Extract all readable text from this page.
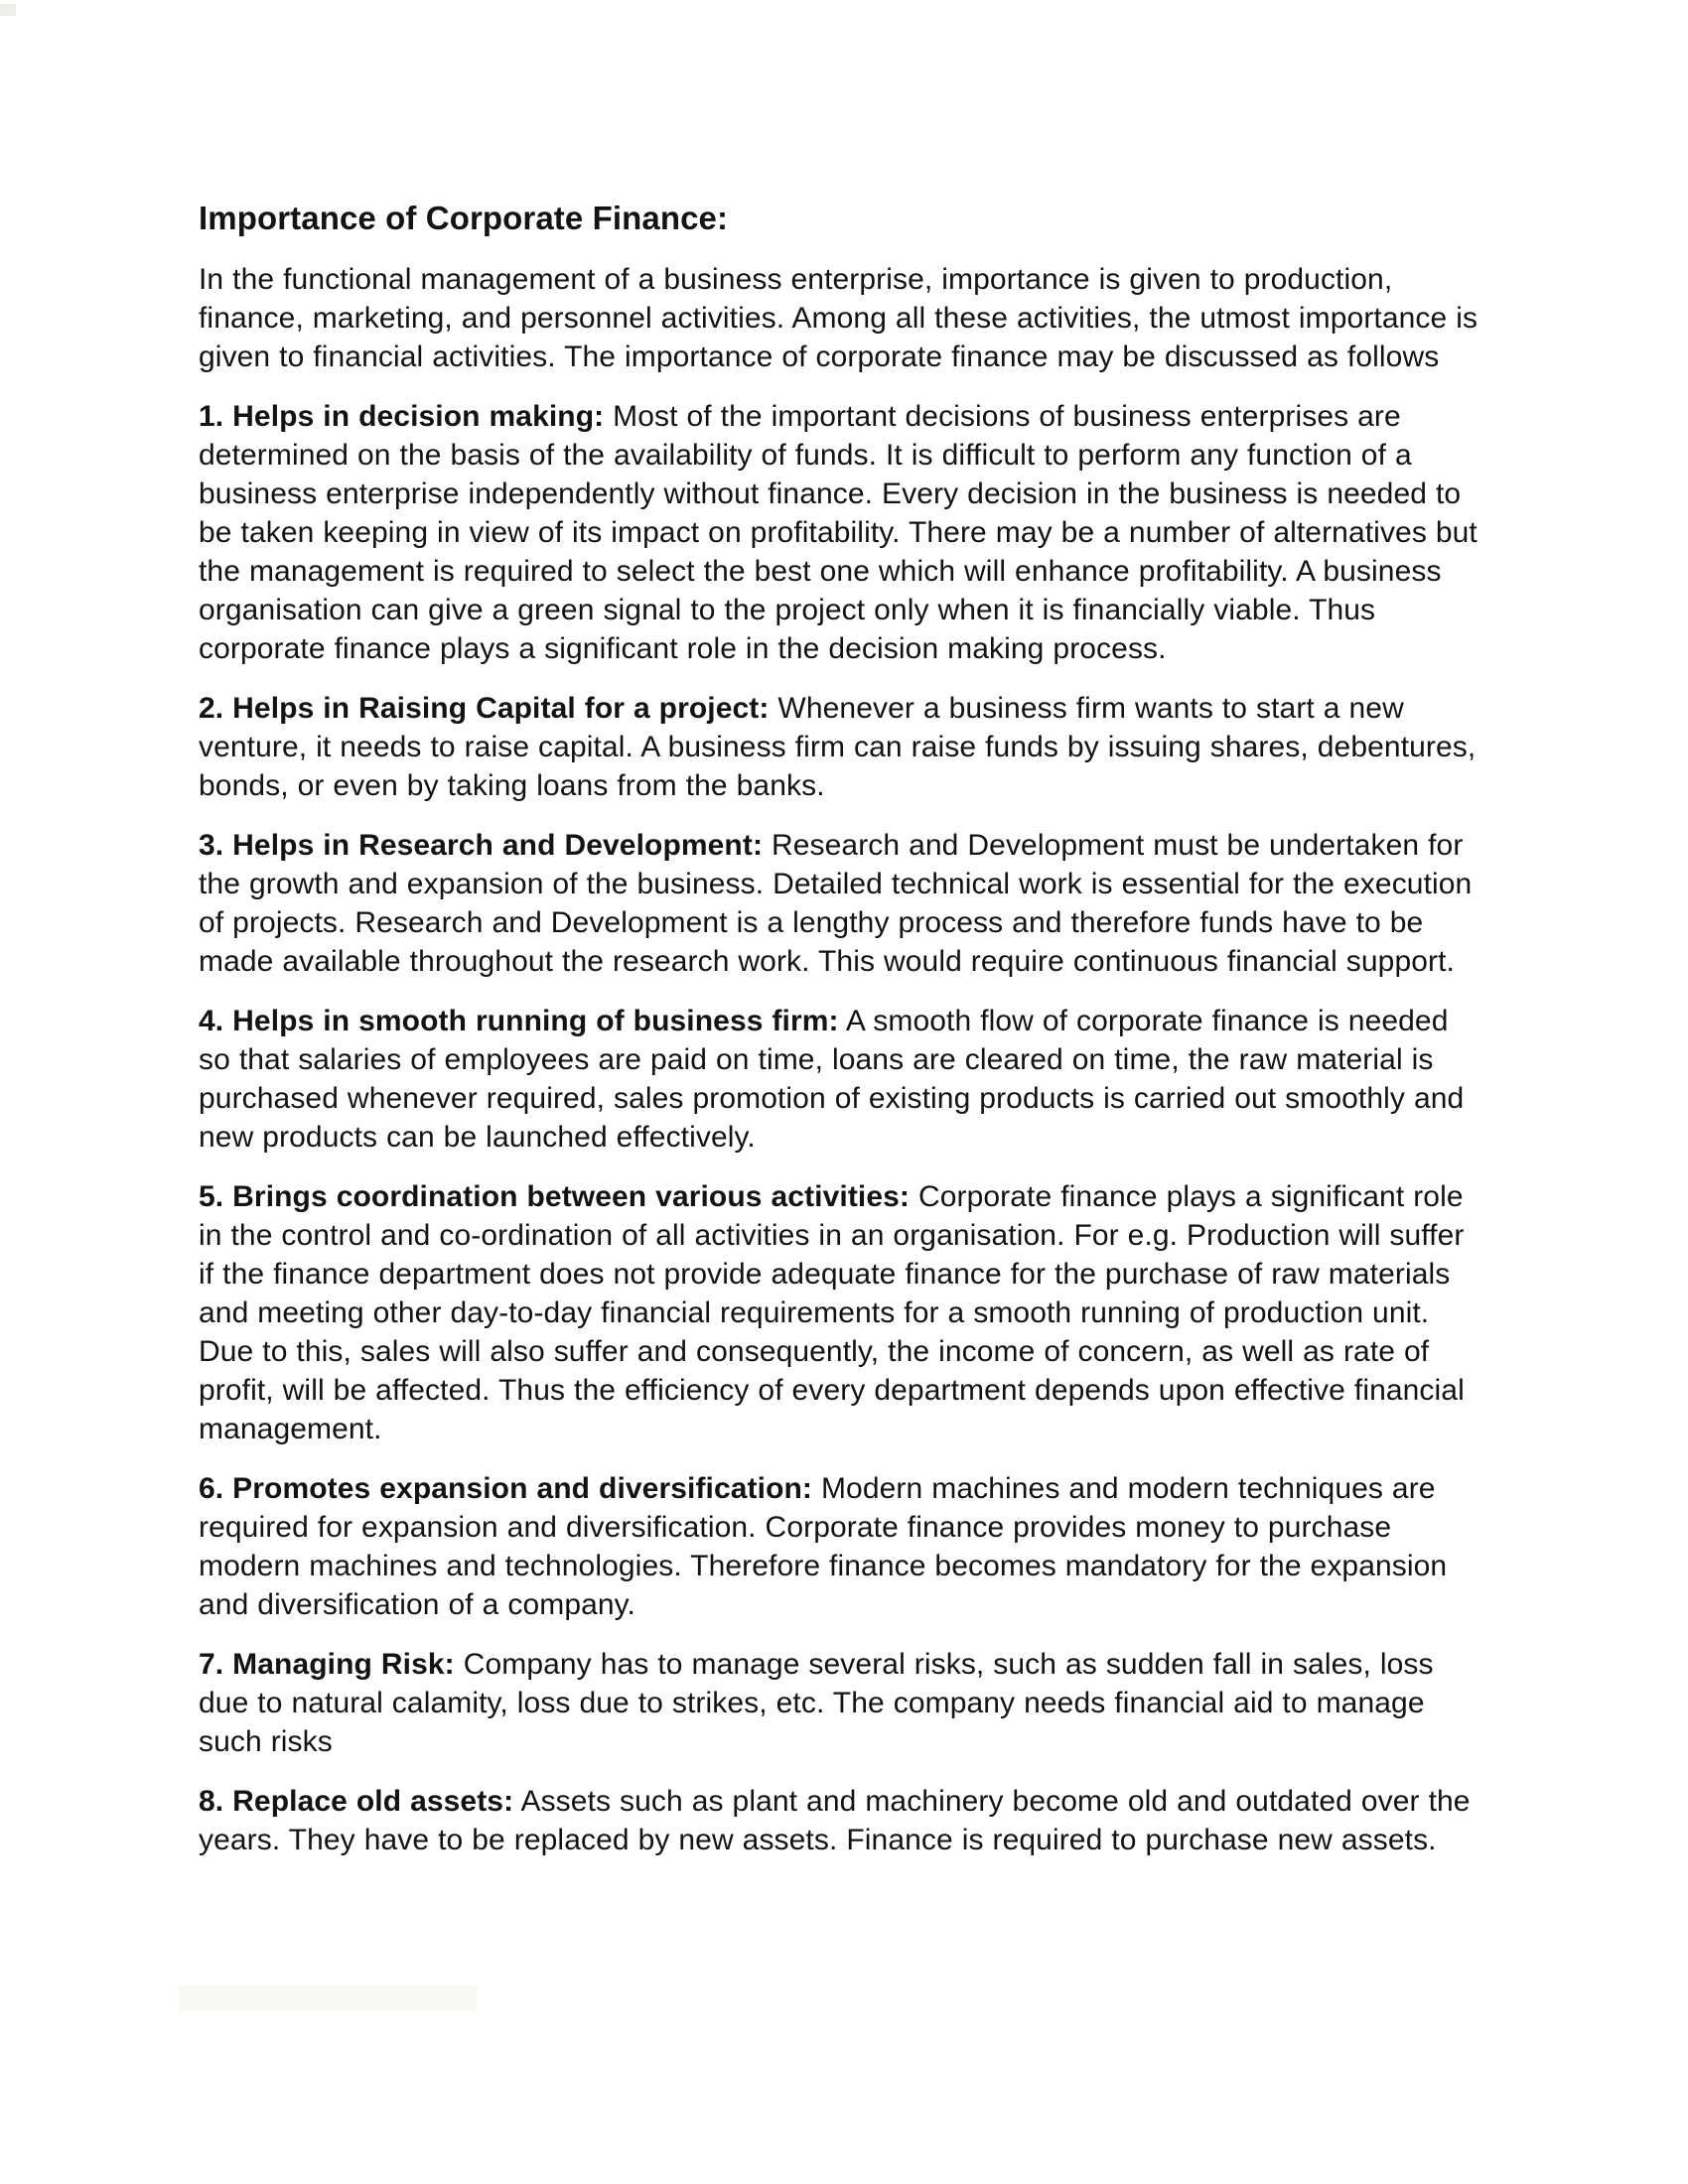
Importance of Corporate Finance:

In the functional management of a business enterprise, importance is given to production, finance, marketing, and personnel activities. Among all these activities, the utmost importance is given to financial activities. The importance of corporate finance may be discussed as follows

1. Helps in decision making: Most of the important decisions of business enterprises are determined on the basis of the availability of funds. It is difficult to perform any function of a business enterprise independently without finance. Every decision in the business is needed to be taken keeping in view of its impact on profitability. There may be a number of alternatives but the management is required to select the best one which will enhance profitability. A business organisation can give a green signal to the project only when it is financially viable. Thus corporate finance plays a significant role in the decision making process.

2. Helps in Raising Capital for a project: Whenever a business firm wants to start a new venture, it needs to raise capital. A business firm can raise funds by issuing shares, debentures, bonds, or even by taking loans from the banks.

3. Helps in Research and Development: Research and Development must be undertaken for the growth and expansion of the business. Detailed technical work is essential for the execution of projects. Research and Development is a lengthy process and therefore funds have to be made available throughout the research work. This would require continuous financial support.

4. Helps in smooth running of business firm: A smooth flow of corporate finance is needed so that salaries of employees are paid on time, loans are cleared on time, the raw material is purchased whenever required, sales promotion of existing products is carried out smoothly and new products can be launched effectively.

5. Brings coordination between various activities: Corporate finance plays a significant role in the control and co-ordination of all activities in an organisation. For e.g. Production will suffer if the finance department does not provide adequate finance for the purchase of raw materials and meeting other day-to-day financial requirements for a smooth running of production unit. Due to this, sales will also suffer and consequently, the income of concern, as well as rate of profit, will be affected. Thus the efficiency of every department depends upon effective financial management.

6. Promotes expansion and diversification: Modern machines and modern techniques are required for expansion and diversification. Corporate finance provides money to purchase modern machines and technologies. Therefore finance becomes mandatory for the expansion and diversification of a company.

7. Managing Risk: Company has to manage several risks, such as sudden fall in sales, loss due to natural calamity, loss due to strikes, etc. The company needs financial aid to manage such risks

8. Replace old assets: Assets such as plant and machinery become old and outdated over the years. They have to be replaced by new assets. Finance is required to purchase new assets.
